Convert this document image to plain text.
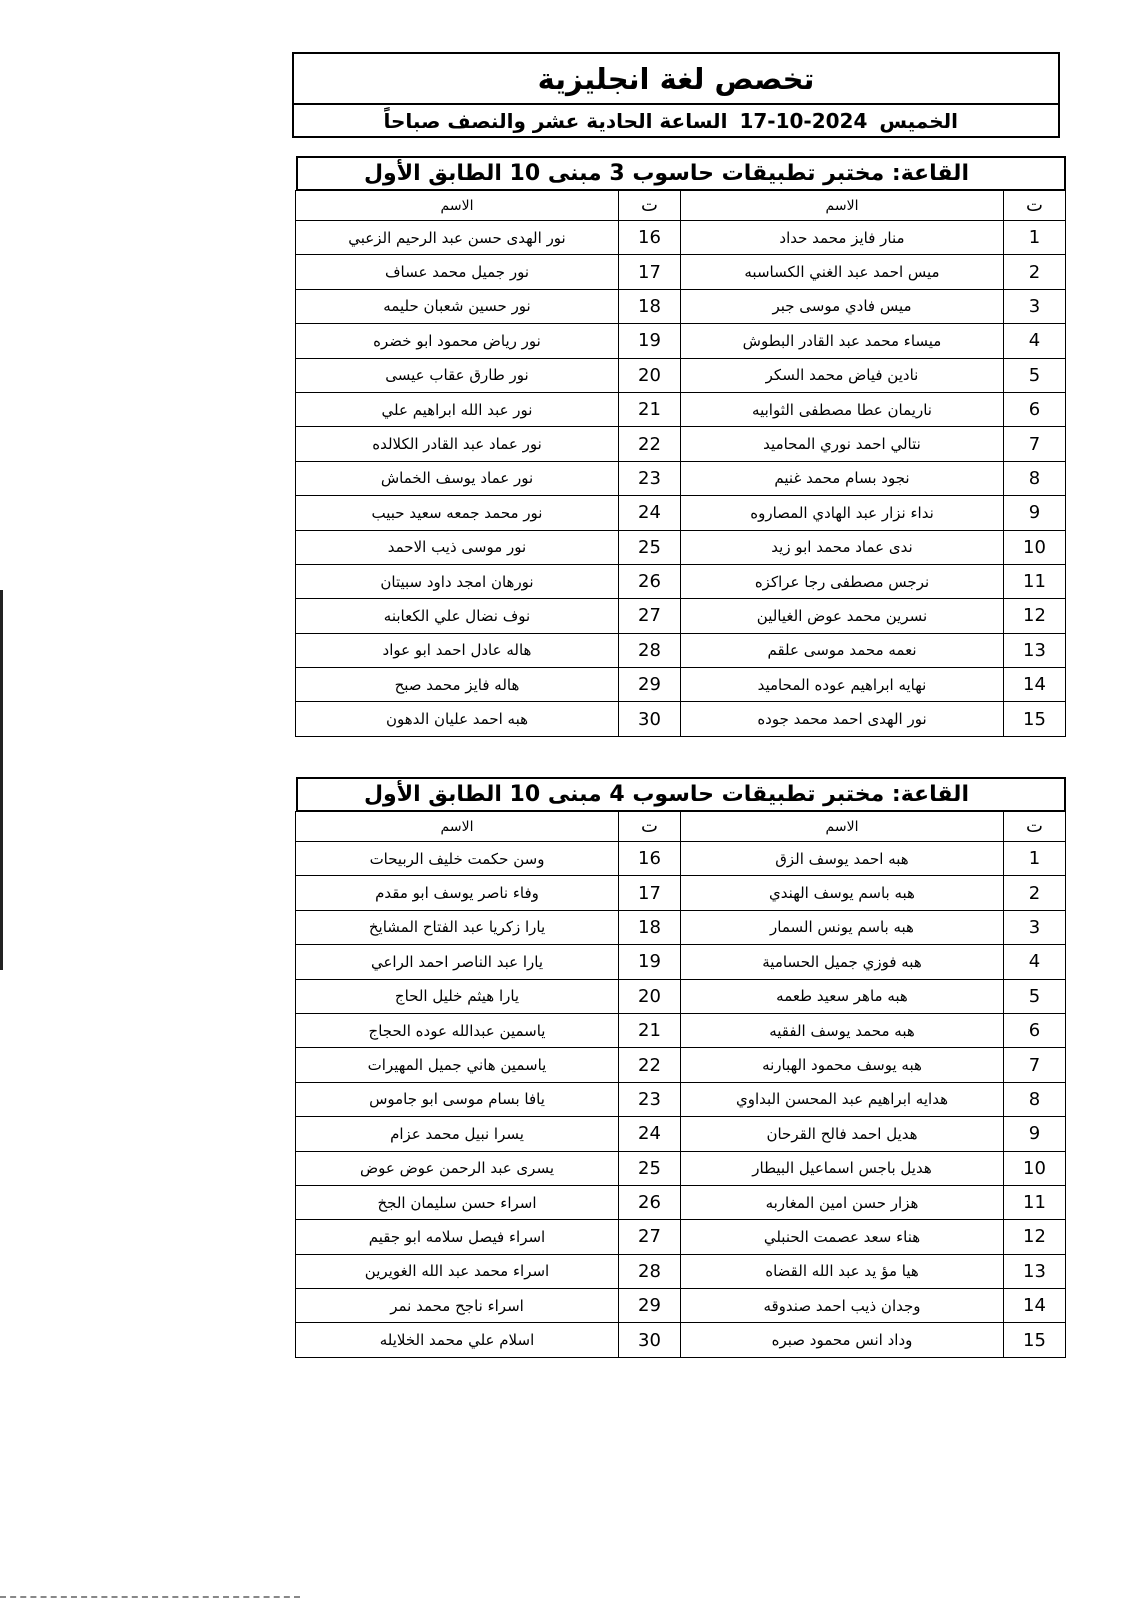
تخصص لغة انجليزية
الخميس
17-10-2024
الساعة الحادية عشر والنصف صباحاً
القاعة: مختبر تطبيقات حاسوب 3 مبنى 10 الطابق الأول
ت	الاسم	ت	الاسم
1	منار فايز محمد حداد	16	نور الهدى حسن عبد الرحيم الزعبي
2	ميس احمد عبد الغني الكساسبه	17	نور جميل محمد عساف
3	ميس فادي موسى جبر	18	نور حسين شعبان حليمه
4	ميساء محمد عبد القادر البطوش	19	نور رياض محمود ابو خضره
5	نادين فياض محمد السكر	20	نور طارق عقاب عيسى
6	ناريمان عطا مصطفى الثوابيه	21	نور عبد الله ابراهيم علي
7	نتالي احمد نوري المحاميد	22	نور عماد عبد القادر الكلالده
8	نجود بسام محمد غنيم	23	نور عماد يوسف الخماش
9	نداء نزار عبد الهادي المصاروه	24	نور محمد جمعه سعيد حبيب
10	ندى عماد محمد ابو زيد	25	نور موسى ذيب الاحمد
11	نرجس مصطفى رجا عراكزه	26	نورهان امجد داود سبيتان
12	نسرين محمد عوض الغيالين	27	نوف نضال علي الكعابنه
13	نعمه محمد موسى علقم	28	هاله عادل احمد ابو عواد
14	نهايه ابراهيم عوده المحاميد	29	هاله فايز محمد صبح
15	نور الهدى احمد محمد جوده	30	هبه احمد عليان الدهون
القاعة: مختبر تطبيقات حاسوب 4 مبنى 10 الطابق الأول
ت	الاسم	ت	الاسم
1	هبه احمد يوسف الزق	16	وسن حكمت خليف الربيحات
2	هبه باسم يوسف الهندي	17	وفاء ناصر يوسف ابو مقدم
3	هبه باسم يونس السمار	18	يارا زكريا عبد الفتاح المشايخ
4	هبه فوزي جميل الحسامية	19	يارا عبد الناصر احمد الراعي
5	هبه ماهر سعيد طعمه	20	يارا هيثم خليل الحاج
6	هبه محمد يوسف الفقيه	21	ياسمين عبدالله عوده الحجاج
7	هبه يوسف محمود الهبارنه	22	ياسمين هاني جميل المهيرات
8	هدايه ابراهيم عبد المحسن البداوي	23	يافا بسام موسى ابو جاموس
9	هديل احمد فالح القرحان	24	يسرا نبيل محمد عزام
10	هديل باجس اسماعيل البيطار	25	يسرى عبد الرحمن عوض عوض
11	هزار حسن امين المغاربه	26	اسراء حسن سليمان الجخ
12	هناء سعد عصمت الحنبلي	27	اسراء فيصل سلامه ابو جقيم
13	هيا مؤ يد عبد الله القضاه	28	اسراء محمد عبد الله الغويرين
14	وجدان ذيب احمد صندوقه	29	اسراء ناجح محمد نمر
15	وداد انس محمود صبره	30	اسلام علي محمد الخلايله
